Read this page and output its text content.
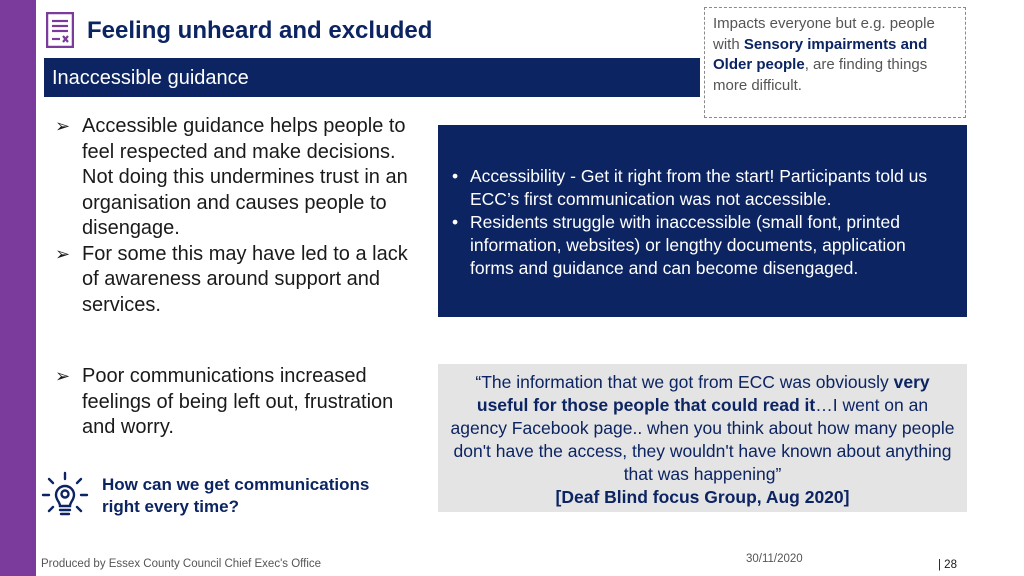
Feeling unheard and excluded
Inaccessible guidance
Impacts everyone but e.g. people with Sensory impairments and Older people, are finding things more difficult.
➢ Accessible guidance helps people to feel respected and make decisions. Not doing this undermines trust in an organisation and causes people to disengage.
➢ For some this may have led to a lack of awareness around support and services.
➢ Poor communications increased feelings of being left out, frustration and worry.
• Accessibility - Get it right from the start! Participants told us ECC’s first communication was not accessible.
• Residents struggle with inaccessible (small font, printed information, websites) or lengthy documents, application forms and guidance and can become disengaged.
“The information that we got from ECC was obviously very useful for those people that could read it…I went on an agency Facebook page.. when you think about how many people don't have the access, they wouldn't have known about anything that was happening”
[Deaf Blind focus Group, Aug 2020]
How can we get communications right every time?
Produced by Essex County Council Chief Exec's Office	30/11/2020	| 28
